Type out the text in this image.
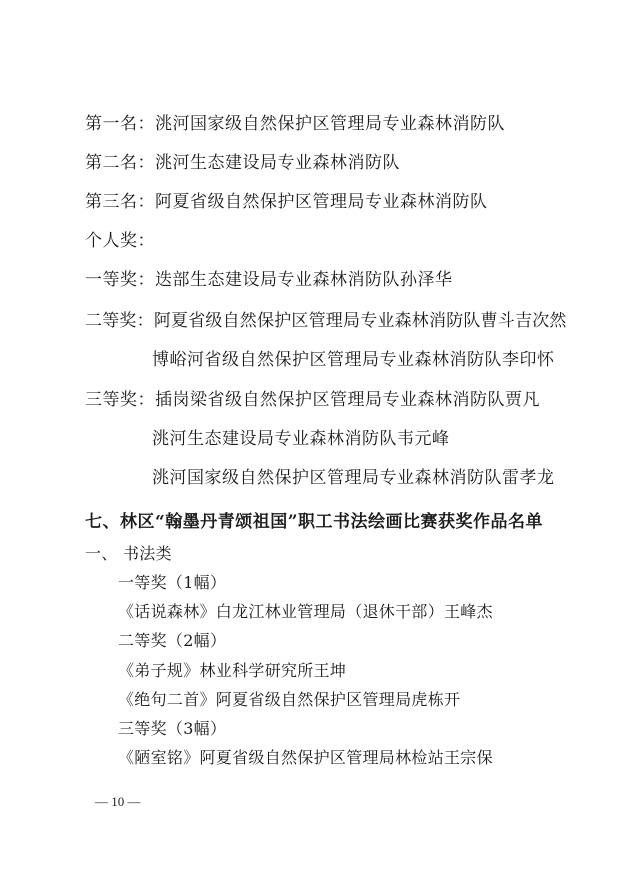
第一名：洮河国家级自然保护区管理局专业森林消防队
第二名：洮河生态建设局专业森林消防队
第三名：阿夏省级自然保护区管理局专业森林消防队
个人奖：
一等奖：迭部生态建设局专业森林消防队孙泽华
二等奖：阿夏省级自然保护区管理局专业森林消防队曹斗吉次然
博峪河省级自然保护区管理局专业森林消防队李印怀
三等奖：插岗梁省级自然保护区管理局专业森林消防队贾凡
洮河生态建设局专业森林消防队韦元峰
洮河国家级自然保护区管理局专业森林消防队雷孝龙
七、林区“翰墨丹青颂祖国”职工书法绘画比赛获奖作品名单
一、 书法类
一等奖（1幅）
《话说森林》白龙江林业管理局（退休干部）王峰杰
二等奖（2幅）
《弟子规》林业科学研究所王坤
《绝句二首》阿夏省级自然保护区管理局虎栋开
三等奖（3幅）
《陋室铭》阿夏省级自然保护区管理局林检站王宗保
— 10 —
